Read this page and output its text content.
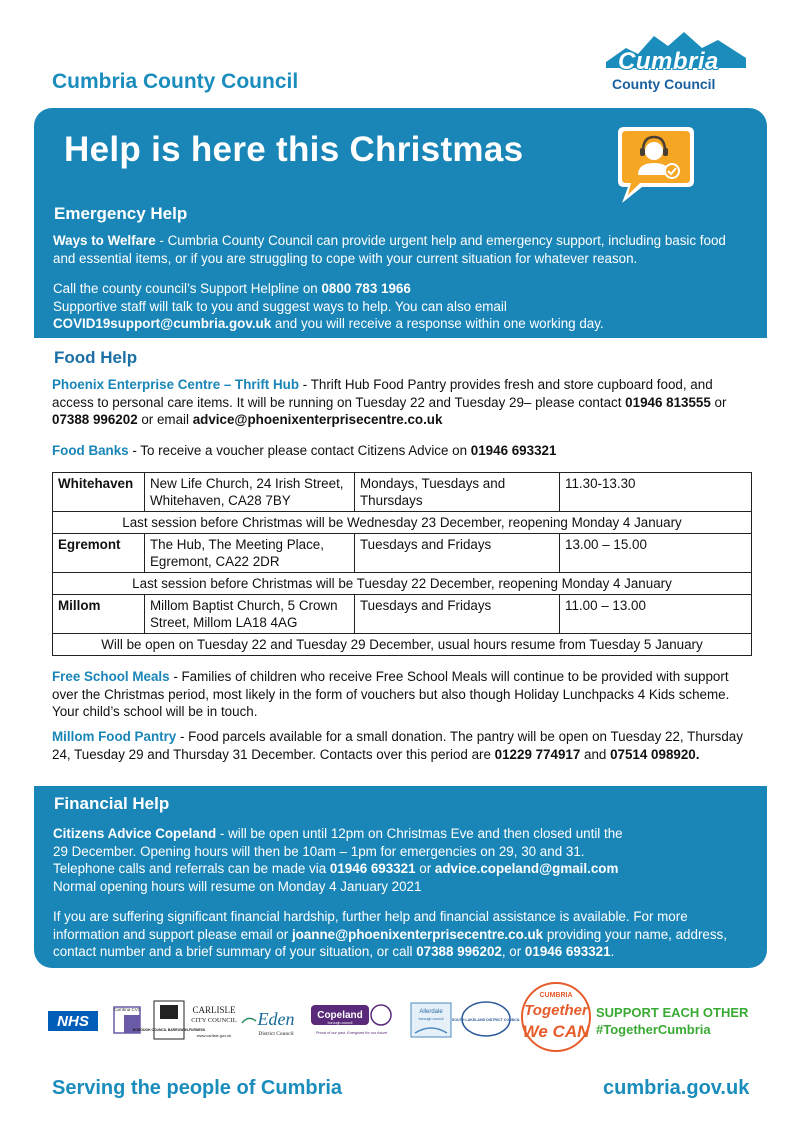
Cumbria County Council
Cumbria
County Council
Help is here this Christmas
Emergency Help
Ways to Welfare - Cumbria County Council can provide urgent help and emergency support, including basic food and essential items, or if you are struggling to cope with your current situation for whatever reason.
Call the county council’s Support Helpline on 0800 783 1966
Supportive staff will talk to you and suggest ways to help. You can also email
COVID19support@cumbria.gov.uk and you will receive a response within one working day.
Food Help
Phoenix Enterprise Centre – Thrift Hub - Thrift Hub Food Pantry provides fresh and store cupboard food, and access to personal care items. It will be running on Tuesday 22 and Tuesday 29– please contact 01946 813555 or 07388 996202 or email advice@phoenixenterprisecentre.co.uk
Food Banks - To receive a voucher please contact Citizens Advice on 01946 693321
Whitehaven	New Life Church, 24 Irish Street, Whitehaven, CA28 7BY	Mondays, Tuesdays and Thursdays	11.30-13.30
Last session before Christmas will be Wednesday 23 December, reopening Monday 4 January			
Egremont	The Hub, The Meeting Place, Egremont, CA22 2DR	Tuesdays and Fridays	13.00 – 15.00
Last session before Christmas will be Tuesday 22 December, reopening Monday 4 January			
Millom	Millom Baptist Church, 5 Crown Street, Millom LA18 4AG	Tuesdays and Fridays	11.00 – 13.00
Will be open on Tuesday 22 and Tuesday 29 December, usual hours resume from Tuesday 5 January			
Free School Meals - Families of children who receive Free School Meals will continue to be provided with support over the Christmas period, most likely in the form of vouchers but also though Holiday Lunchpacks 4 Kids scheme. Your child’s school will be in touch.
Millom Food Pantry - Food parcels available for a small donation. The pantry will be open on Tuesday 22, Thursday 24, Tuesday 29 and Thursday 31 December. Contacts over this period are 01229 774917 and 07514 098920.
Financial Help
Citizens Advice Copeland - will be open until 12pm on Christmas Eve and then closed until the
29 December. Opening hours will then be 10am – 1pm for emergencies on 29, 30 and 31.
Telephone calls and referrals can be made via 01946 693321 or advice.copeland@gmail.com
Normal opening hours will resume on Monday 4 January 2021
If you are suffering significant financial hardship, further help and financial assistance is available. For more information and support please email or joanne@phoenixenterprisecentre.co.uk providing your name, address, contact number and a brief summary of your situation, or call 07388 996202, or 01946 693321.
NHS
Cumbria CVS
BOROUGH COUNCIL BARROW-IN-FURNESS
CARLISLE
CITY COUNCIL
www.carlisle.gov.uk
Eden
District Council
Copeland
borough council
Proud of our past. Energised for our future.
Allerdale
borough council SOUTH LAKELAND DISTRICT COUNCIL
CUMBRIA
Together
We CAN
SUPPORT EACH OTHER
#TogetherCumbria
Serving the people of Cumbria	cumbria.gov.uk
